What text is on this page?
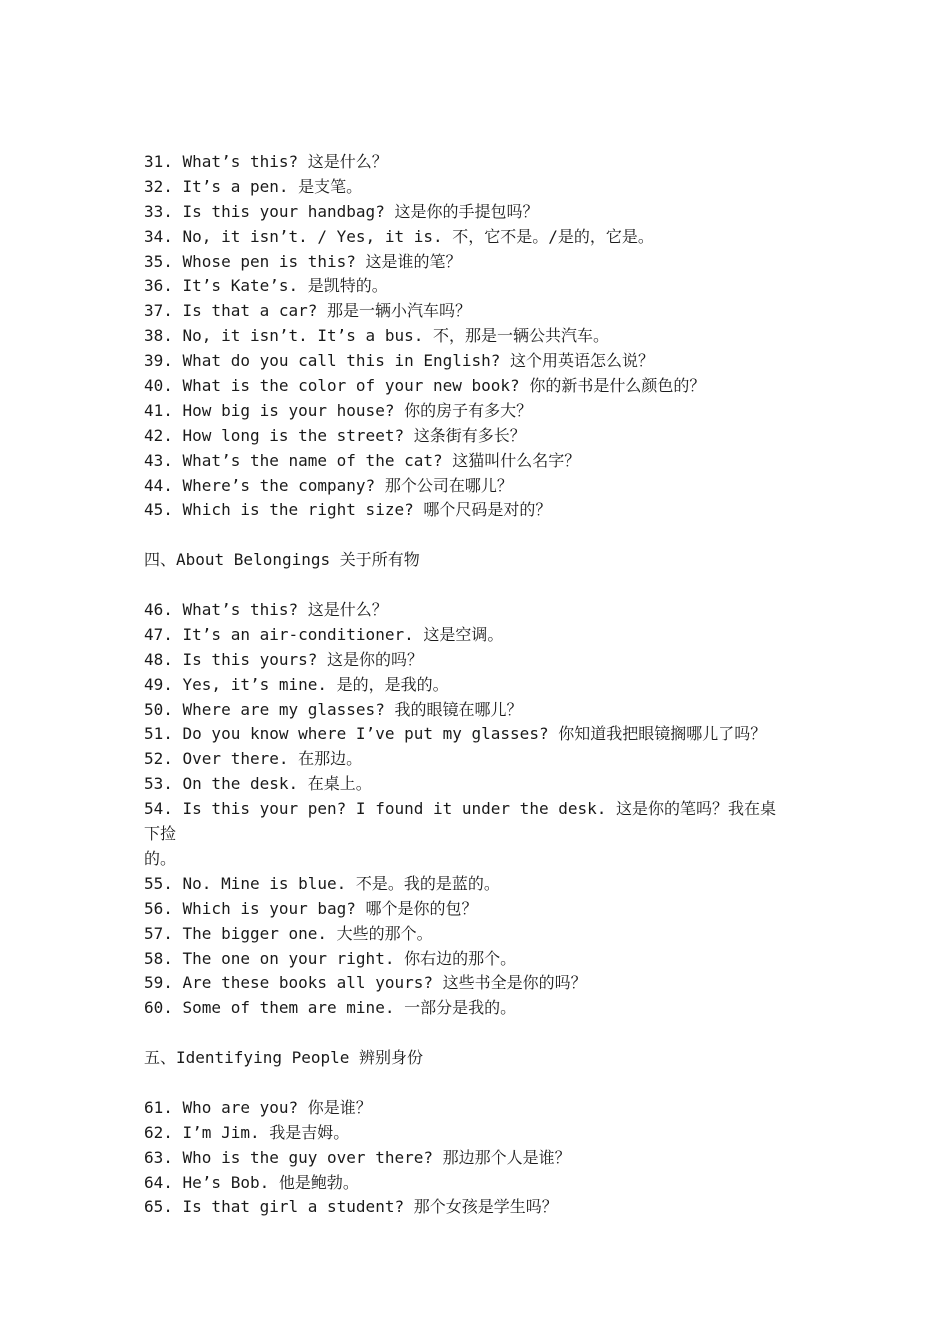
31. What’s this? 这是什么？
32. It’s a pen. 是支笔。
33. Is this your handbag? 这是你的手提包吗？
34. No, it isn’t. / Yes, it is. 不，它不是。/是的，它是。
35. Whose pen is this? 这是谁的笔？
36. It’s Kate’s. 是凯特的。
37. Is that a car? 那是一辆小汽车吗？
38. No, it isn’t. It’s a bus. 不，那是一辆公共汽车。
39. What do you call this in English? 这个用英语怎么说？
40. What is the color of your new book? 你的新书是什么颜色的？
41. How big is your house? 你的房子有多大？
42. How long is the street? 这条街有多长？
43. What’s the name of the cat? 这猫叫什么名字？
44. Where’s the company? 那个公司在哪儿？
45. Which is the right size? 哪个尺码是对的？
四、About Belongings 关于所有物
46. What’s this? 这是什么？
47. It’s an air-conditioner. 这是空调。
48. Is this yours? 这是你的吗？
49. Yes, it’s mine. 是的，是我的。
50. Where are my glasses? 我的眼镜在哪儿？
51. Do you know where I’ve put my glasses? 你知道我把眼镜搁哪儿了吗？
52. Over there. 在那边。
53. On the desk. 在桌上。
54. Is this your pen? I found it under the desk. 这是你的笔吗？我在桌
下捡
的。
55. No. Mine is blue. 不是。我的是蓝的。
56. Which is your bag? 哪个是你的包？
57. The bigger one. 大些的那个。
58. The one on your right. 你右边的那个。
59. Are these books all yours? 这些书全是你的吗？
60. Some of them are mine. 一部分是我的。
五、Identifying People 辨别身份
61. Who are you? 你是谁？
62. I’m Jim. 我是吉姆。
63. Who is the guy over there? 那边那个人是谁？
64. He’s Bob. 他是鲍勃。
65. Is that girl a student? 那个女孩是学生吗？
